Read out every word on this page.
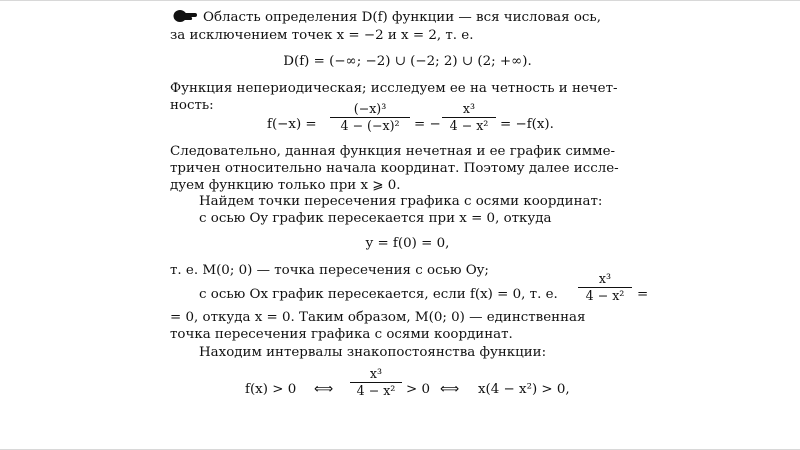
Область определения D(f) функции — вся числовая ось,
за исключением точек x = −2 и x = 2, т. е.
D(f) = (−∞; −2) ∪ (−2; 2) ∪ (2; +∞).
Функция непериодическая; исследуем ее на четность и нечет-
ность:
f(−x) =
(−x)³
4 − (−x)²	= −
x³
4 − x² = −f(x).
Следовательно, данная функция нечетная и ее график симме-
тричен относительно начала координат. Поэтому далее иссле-
дуем функцию только при x ⩾ 0.
Найдем точки пересечения графика с осями координат:
с осью Oy график пересекается при x = 0, откуда
y = f(0) = 0,
т. е. M(0; 0) — точка пересечения с осью Oy;
с осью Ox график пересекается, если f(x) = 0, т. е.
x³
4 − x² =
= 0, откуда x = 0. Таким образом, M(0; 0) — единственная
точка пересечения графика с осями координат.
Находим интервалы знакопостоянства функции:
f(x) > 0 ⟺
x³
4 − x² > 0 ⟺ x(4 − x²) > 0,
